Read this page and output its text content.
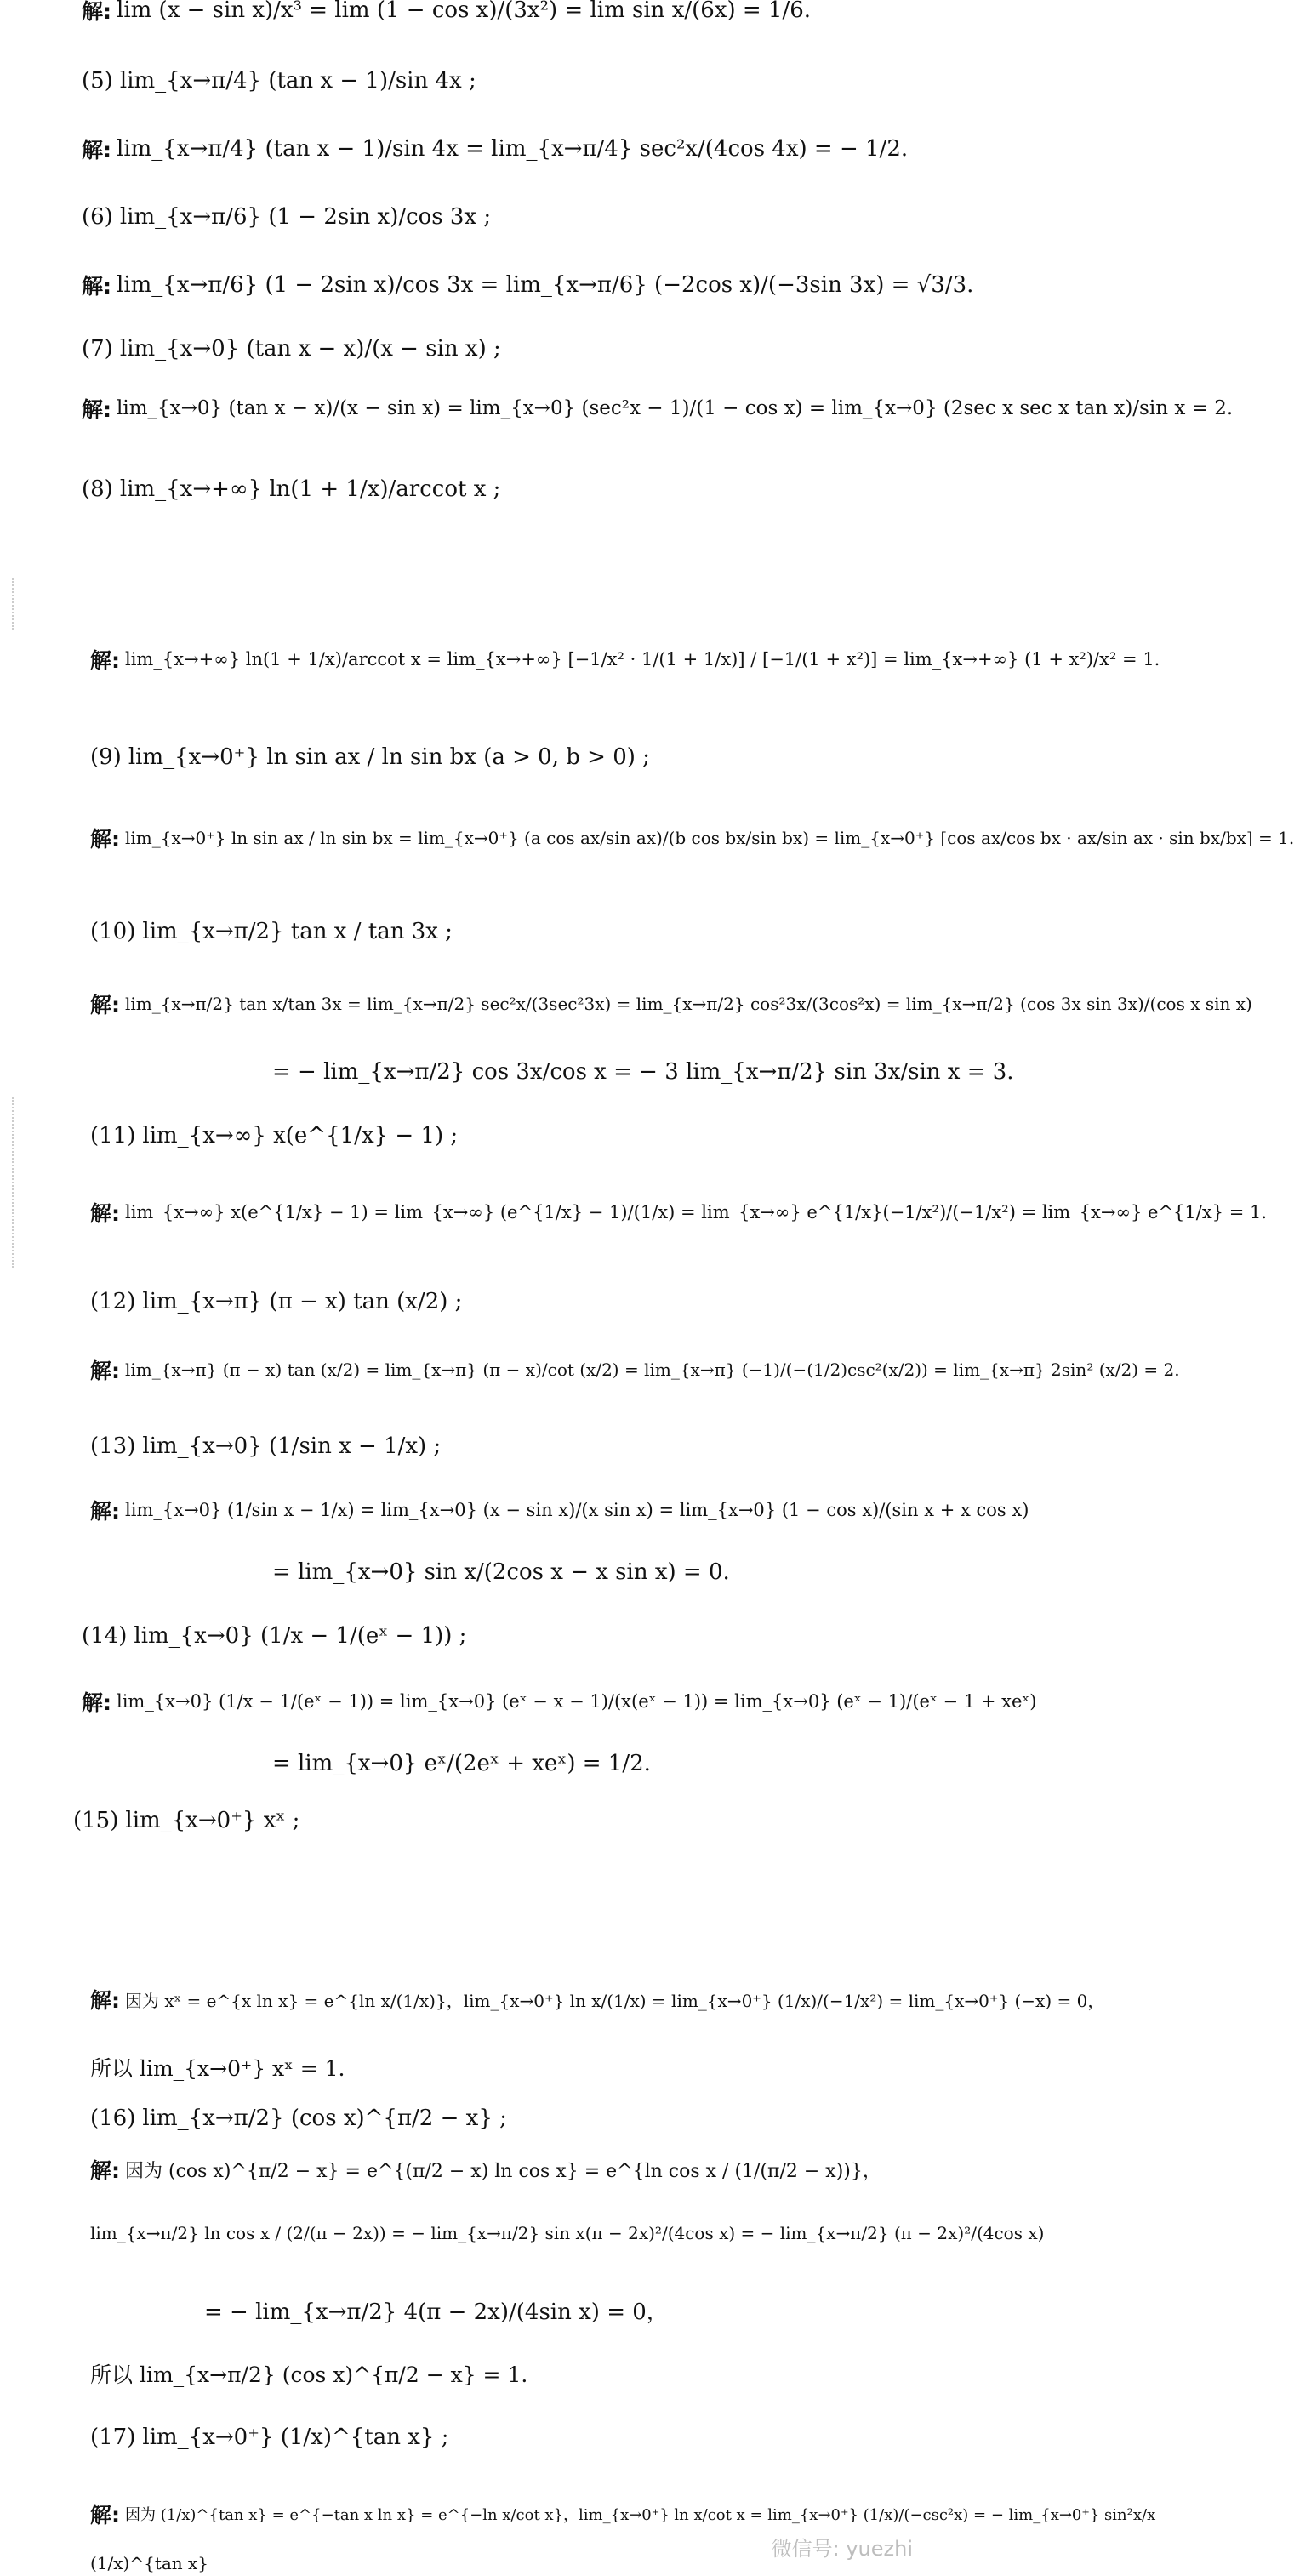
解: lim (x − sin x)/x³ = lim (1 − cos x)/(3x²) = lim sin x/(6x) = 1/6.
(5) lim_{x→π/4} (tan x − 1)/sin 4x ;
解: lim_{x→π/4} (tan x − 1)/sin 4x = lim_{x→π/4} sec²x/(4cos 4x) = − 1/2.
(6) lim_{x→π/6} (1 − 2sin x)/cos 3x ;
解: lim_{x→π/6} (1 − 2sin x)/cos 3x = lim_{x→π/6} (−2cos x)/(−3sin 3x) = √3/3.
(7) lim_{x→0} (tan x − x)/(x − sin x) ;
解: lim_{x→0} (tan x − x)/(x − sin x) = lim_{x→0} (sec²x − 1)/(1 − cos x) = lim_{x→0} (2sec x sec x tan x)/sin x = 2.
(8) lim_{x→+∞} ln(1 + 1/x)/arccot x ;
解: lim_{x→+∞} ln(1 + 1/x)/arccot x = lim_{x→+∞} [−1/x² · 1/(1 + 1/x)] / [−1/(1 + x²)] = lim_{x→+∞} (1 + x²)/x² = 1.
(9) lim_{x→0⁺} ln sin ax / ln sin bx (a > 0, b > 0) ;
解: lim_{x→0⁺} ln sin ax / ln sin bx = lim_{x→0⁺} (a cos ax/sin ax)/(b cos bx/sin bx) = lim_{x→0⁺} [cos ax/cos bx · ax/sin ax · sin bx/bx] = 1.
(10) lim_{x→π/2} tan x / tan 3x ;
解: lim_{x→π/2} tan x/tan 3x = lim_{x→π/2} sec²x/(3sec²3x) = lim_{x→π/2} cos²3x/(3cos²x) = lim_{x→π/2} (cos 3x sin 3x)/(cos x sin x)
= − lim_{x→π/2} cos 3x/cos x = − 3 lim_{x→π/2} sin 3x/sin x = 3.
(11) lim_{x→∞} x(e^{1/x} − 1) ;
解: lim_{x→∞} x(e^{1/x} − 1) = lim_{x→∞} (e^{1/x} − 1)/(1/x) = lim_{x→∞} e^{1/x}(−1/x²)/(−1/x²) = lim_{x→∞} e^{1/x} = 1.
(12) lim_{x→π} (π − x) tan (x/2) ;
解: lim_{x→π} (π − x) tan (x/2) = lim_{x→π} (π − x)/cot (x/2) = lim_{x→π} (−1)/(−(1/2)csc²(x/2)) = lim_{x→π} 2sin² (x/2) = 2.
(13) lim_{x→0} (1/sin x − 1/x) ;
解: lim_{x→0} (1/sin x − 1/x) = lim_{x→0} (x − sin x)/(x sin x) = lim_{x→0} (1 − cos x)/(sin x + x cos x)
= lim_{x→0} sin x/(2cos x − x sin x) = 0.
(14) lim_{x→0} (1/x − 1/(eˣ − 1)) ;
解: lim_{x→0} (1/x − 1/(eˣ − 1)) = lim_{x→0} (eˣ − x − 1)/(x(eˣ − 1)) = lim_{x→0} (eˣ − 1)/(eˣ − 1 + xeˣ)
= lim_{x→0} eˣ/(2eˣ + xeˣ) = 1/2.
(15) lim_{x→0⁺} xˣ ;
解: 因为 xˣ = e^{x ln x} = e^{ln x/(1/x)}，lim_{x→0⁺} ln x/(1/x) = lim_{x→0⁺} (1/x)/(−1/x²) = lim_{x→0⁺} (−x) = 0，
所以 lim_{x→0⁺} xˣ = 1.
(16) lim_{x→π/2} (cos x)^{π/2 − x} ;
解: 因为 (cos x)^{π/2 − x} = e^{(π/2 − x) ln cos x} = e^{ln cos x / (1/(π/2 − x))}，
lim_{x→π/2} ln cos x / (2/(π − 2x)) = − lim_{x→π/2} sin x(π − 2x)²/(4cos x) = − lim_{x→π/2} (π − 2x)²/(4cos x)
= − lim_{x→π/2} 4(π − 2x)/(4sin x) = 0，
所以 lim_{x→π/2} (cos x)^{π/2 − x} = 1.
(17) lim_{x→0⁺} (1/x)^{tan x} ;
解: 因为 (1/x)^{tan x} = e^{−tan x ln x} = e^{−ln x/cot x}，lim_{x→0⁺} ln x/cot x = lim_{x→0⁺} (1/x)/(−csc²x) = − lim_{x→0⁺} sin²x/x
(1/x)^{tan x}
微信号: yuezhi
